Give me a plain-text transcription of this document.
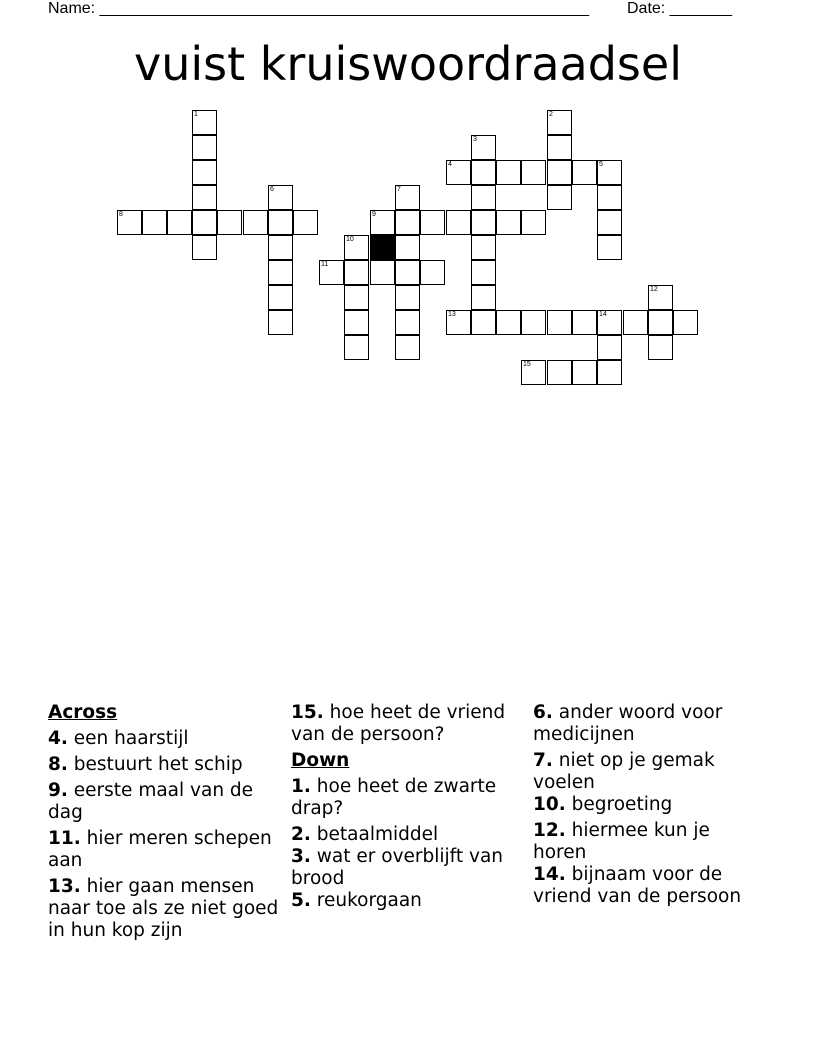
Name: _______________________________________________________ Date: _______
vuist kruiswoordraadsel
1	2
3
4	5
6	7
8	9
10
11
12
13	14
15
Across
4. een haarstijl
8. bestuurt het schip
9. eerste maal van de dag
11. hier meren schepen aan
13. hier gaan mensen naar toe als ze niet goed in hun kop zijn
15. hoe heet de vriend van de persoon?
Down
1. hoe heet de zwarte drap?
2. betaalmiddel
3. wat er overblijft van brood
5. reukorgaan
6. ander woord voor medicijnen
7. niet op je gemak voelen
10. begroeting
12. hiermee kun je horen
14. bijnaam voor de vriend van de persoon
